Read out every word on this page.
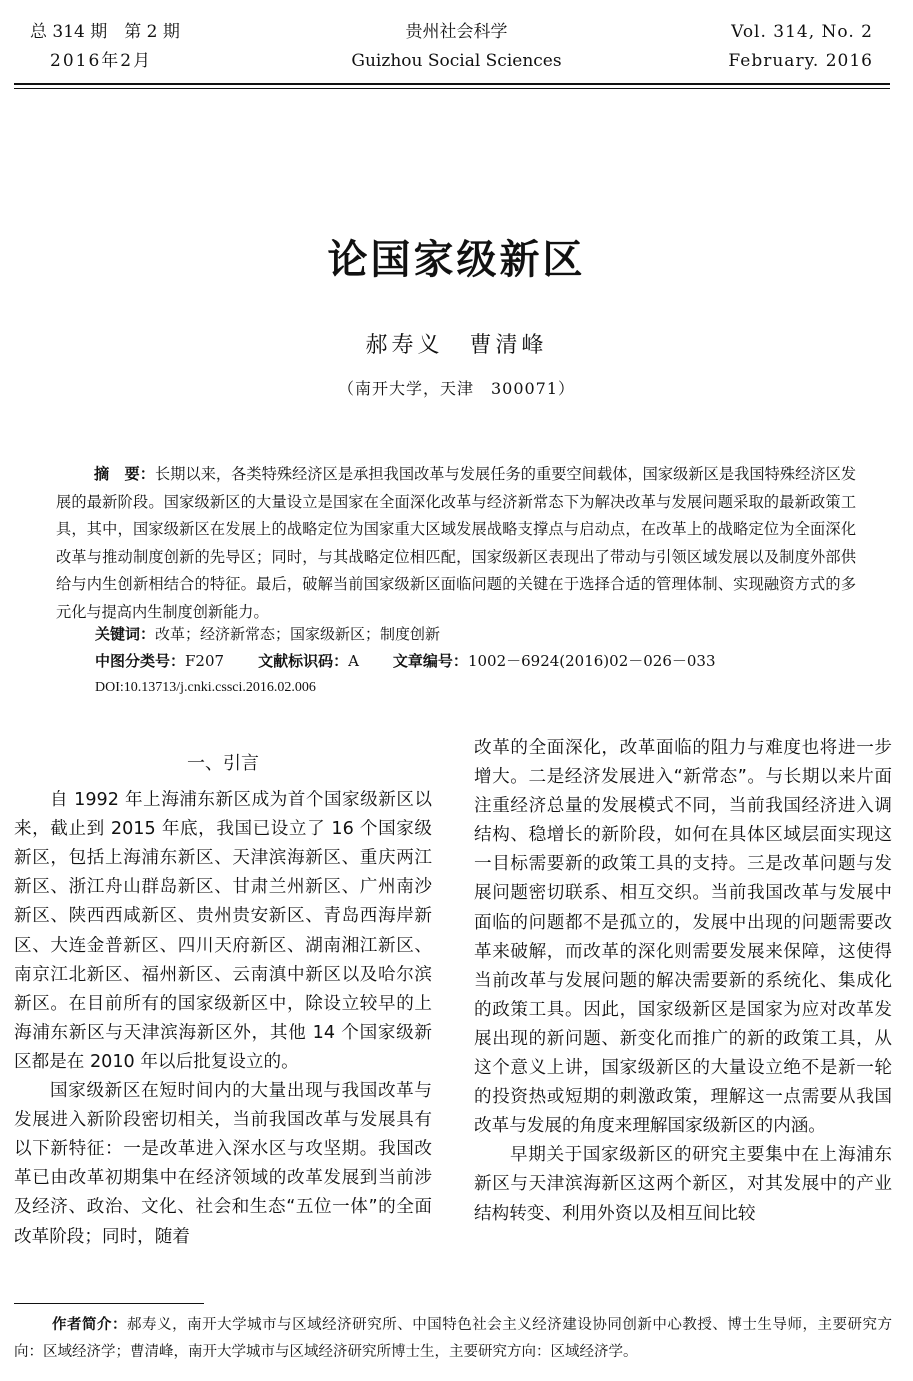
总 314 期　第 2 期
2016年2月
贵州社会科学
Guizhou Social Sciences
Vol. 314, No. 2
February. 2016
论国家级新区
郝寿义　曹清峰
（南开大学，天津　300071）

摘　要：长期以来，各类特殊经济区是承担我国改革与发展任务的重要空间载体，国家级新区是我国特殊经济区发展的最新阶段。国家级新区的大量设立是国家在全面深化改革与经济新常态下为解决改革与发展问题采取的最新政策工具，其中，国家级新区在发展上的战略定位为国家重大区域发展战略支撑点与启动点，在改革上的战略定位为全面深化改革与推动制度创新的先导区；同时，与其战略定位相匹配，国家级新区表现出了带动与引领区域发展以及制度外部供给与内生创新相结合的特征。最后，破解当前国家级新区面临问题的关键在于选择合适的管理体制、实现融资方式的多元化与提高内生制度创新能力。

关键词：改革；经济新常态；国家级新区；制度创新
中图分类号：F207 文献标识码：A 文章编号：1002－6924(2016)02－026－033
DOI:10.13713/j.cnki.cssci.2016.02.006
一、引言

自 1992 年上海浦东新区成为首个国家级新区以来，截止到 2015 年底，我国已设立了 16 个国家级新区，包括上海浦东新区、天津滨海新区、重庆两江新区、浙江舟山群岛新区、甘肃兰州新区、广州南沙新区、陕西西咸新区、贵州贵安新区、青岛西海岸新区、大连金普新区、四川天府新区、湖南湘江新区、南京江北新区、福州新区、云南滇中新区以及哈尔滨新区。在目前所有的国家级新区中，除设立较早的上海浦东新区与天津滨海新区外，其他 14 个国家级新区都是在 2010 年以后批复设立的。

国家级新区在短时间内的大量出现与我国改革与发展进入新阶段密切相关，当前我国改革与发展具有以下新特征：一是改革进入深水区与攻坚期。我国改革已由改革初期集中在经济领域的改革发展到当前涉及经济、政治、文化、社会和生态“五位一体”的全面改革阶段；同时，随着

改革的全面深化，改革面临的阻力与难度也将进一步增大。二是经济发展进入“新常态”。与长期以来片面注重经济总量的发展模式不同，当前我国经济进入调结构、稳增长的新阶段，如何在具体区域层面实现这一目标需要新的政策工具的支持。三是改革问题与发展问题密切联系、相互交织。当前我国改革与发展中面临的问题都不是孤立的，发展中出现的问题需要改革来破解，而改革的深化则需要发展来保障，这使得当前改革与发展问题的解决需要新的系统化、集成化的政策工具。因此，国家级新区是国家为应对改革发展出现的新问题、新变化而推广的新的政策工具，从这个意义上讲，国家级新区的大量设立绝不是新一轮的投资热或短期的刺激政策，理解这一点需要从我国改革与发展的角度来理解国家级新区的内涵。

早期关于国家级新区的研究主要集中在上海浦东新区与天津滨海新区这两个新区，对其发展中的产业结构转变、利用外资以及相互间比较

作者简介：郝寿义，南开大学城市与区域经济研究所、中国特色社会主义经济建设协同创新中心教授、博士生导师，主要研究方向：区域经济学；曹清峰，南开大学城市与区域经济研究所博士生，主要研究方向：区域经济学。
